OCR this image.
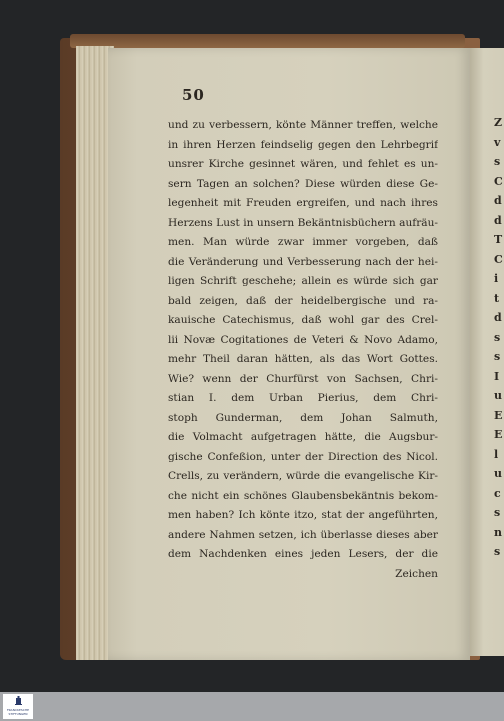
50
und zu verbessern, könte Männer treffen, welche
in ihren Herzen feindselig gegen den Lehrbegrif
unsrer Kirche gesinnet wären, und fehlet es un-
sern Tagen an solchen? Diese würden diese Ge-
legenheit mit Freuden ergreifen, und nach ihres
Herzens Lust in unsern Bekäntnisbüchern aufräu-
men. Man würde zwar immer vorgeben, daß
die Veränderung und Verbesserung nach der hei-
ligen Schrift geschehe; allein es würde sich gar
bald zeigen, daß der heidelbergische und ra-
kauische Catechismus, daß wohl gar des Crel-
lii Novæ Cogitationes de Veteri & Novo Adamo,
mehr Theil daran hätten, als das Wort Gottes.
Wie? wenn der Churfürst von Sachsen, Chri-
stian I. dem Urban Pierius, dem Chri-
stoph Gunderman, dem Johan Salmuth,
die Volmacht aufgetragen hätte, die Augsbur-
gische Confeßion, unter der Direction des Nicol.
Crells, zu verändern, würde die evangelische Kir-
che nicht ein schönes Glaubensbekäntnis bekom-
men haben? Ich könte itzo, stat der angeführten,
andere Nahmen setzen, ich überlasse dieses aber
dem Nachdenken eines jeden Lesers, der die
Zeichen
Z
v
s
C
d
d
T
C
i
t
d
s
s
I
u
E
E
l
u
c
s
n
s
FRANCKESCHE STIFTUNGEN
